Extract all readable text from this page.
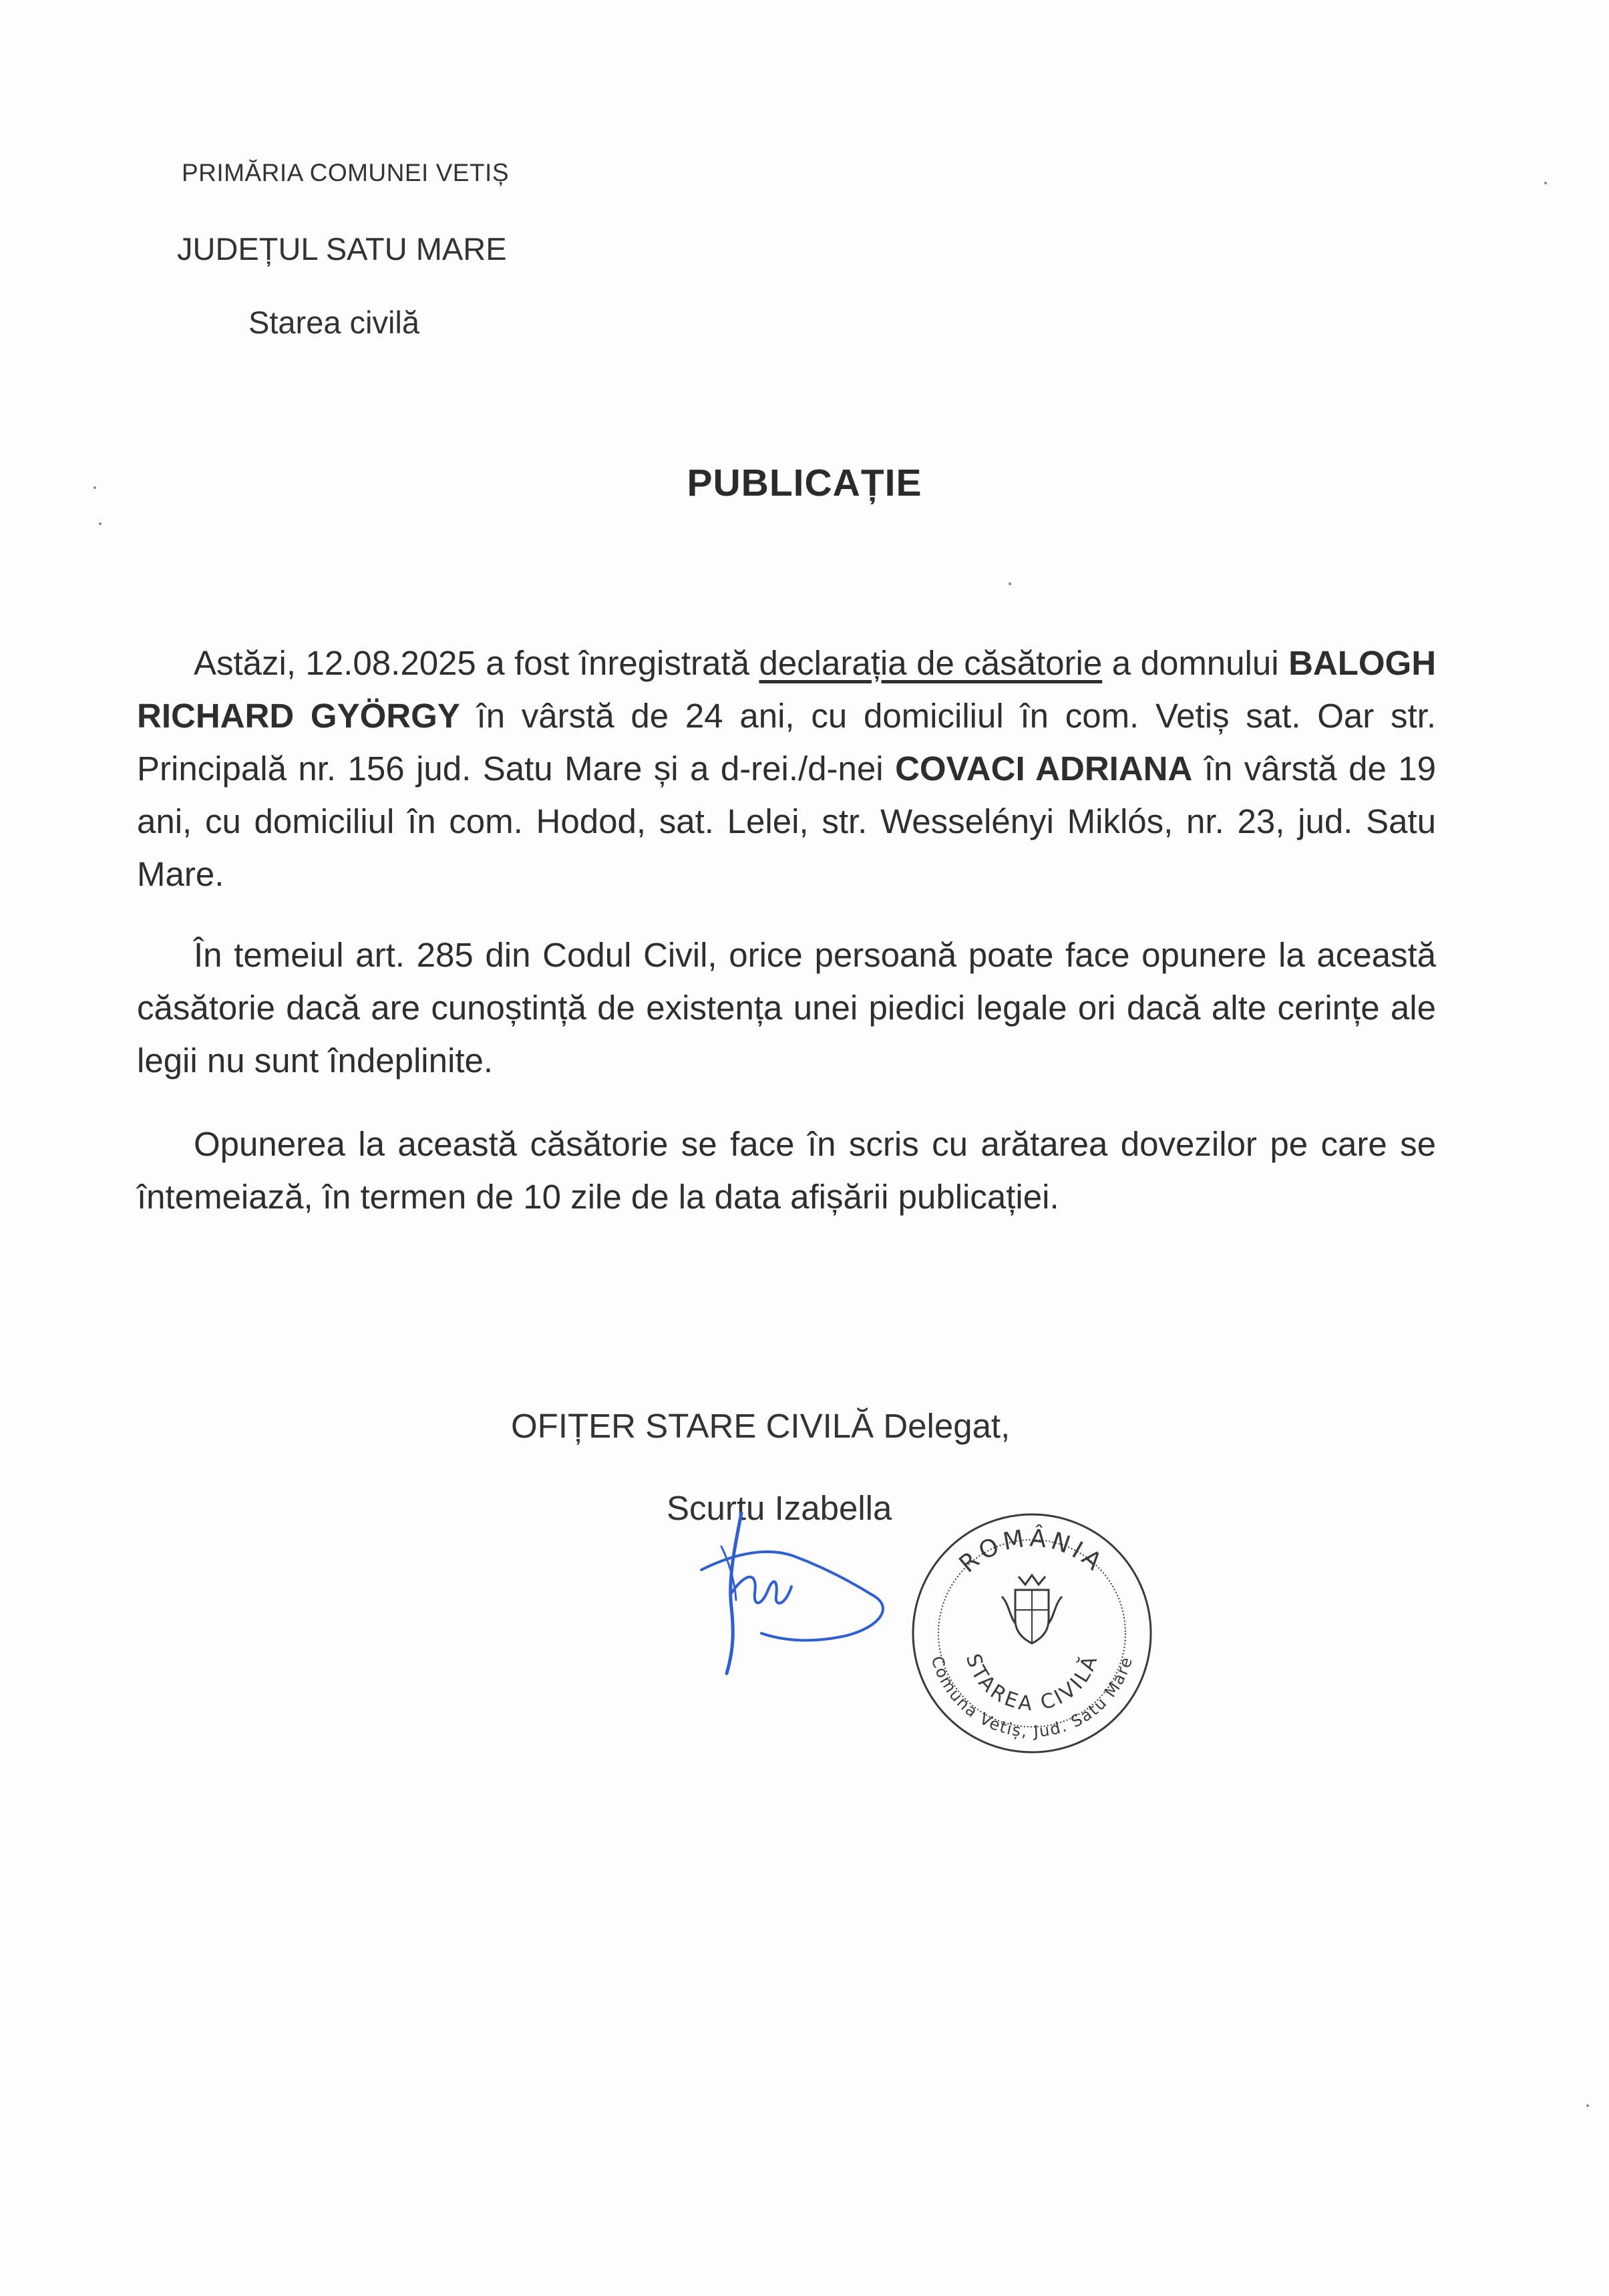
PRIMĂRIA COMUNEI VETIȘ
JUDEȚUL SATU MARE
Starea civilă
PUBLICAȚIE
Astăzi, 12.08.2025 a fost înregistrată declarația de căsătorie a domnului BALOGH RICHARD GYÖRGY în vârstă de 24 ani, cu domiciliul în com. Vetiș sat. Oar str. Principală nr. 156 jud. Satu Mare și a d-rei./d-nei COVACI ADRIANA în vârstă de 19 ani, cu domiciliul în com. Hodod, sat. Lelei, str. Wesselényi Miklós, nr. 23, jud. Satu Mare.
În temeiul art. 285 din Codul Civil, orice persoană poate face opunere la această căsătorie dacă are cunoștință de existența unei piedici legale ori dacă alte cerințe ale legii nu sunt îndeplinite.
Opunerea la această căsătorie se face în scris cu arătarea dovezilor pe care se întemeiază, în termen de 10 zile de la data afișării publicației.
OFIȚER STARE CIVILĂ Delegat,
Scurtu Izabella
ROMÂNIA
STAREA CIVILĂ
Comuna Vetiș, Jud. Satu Mare
